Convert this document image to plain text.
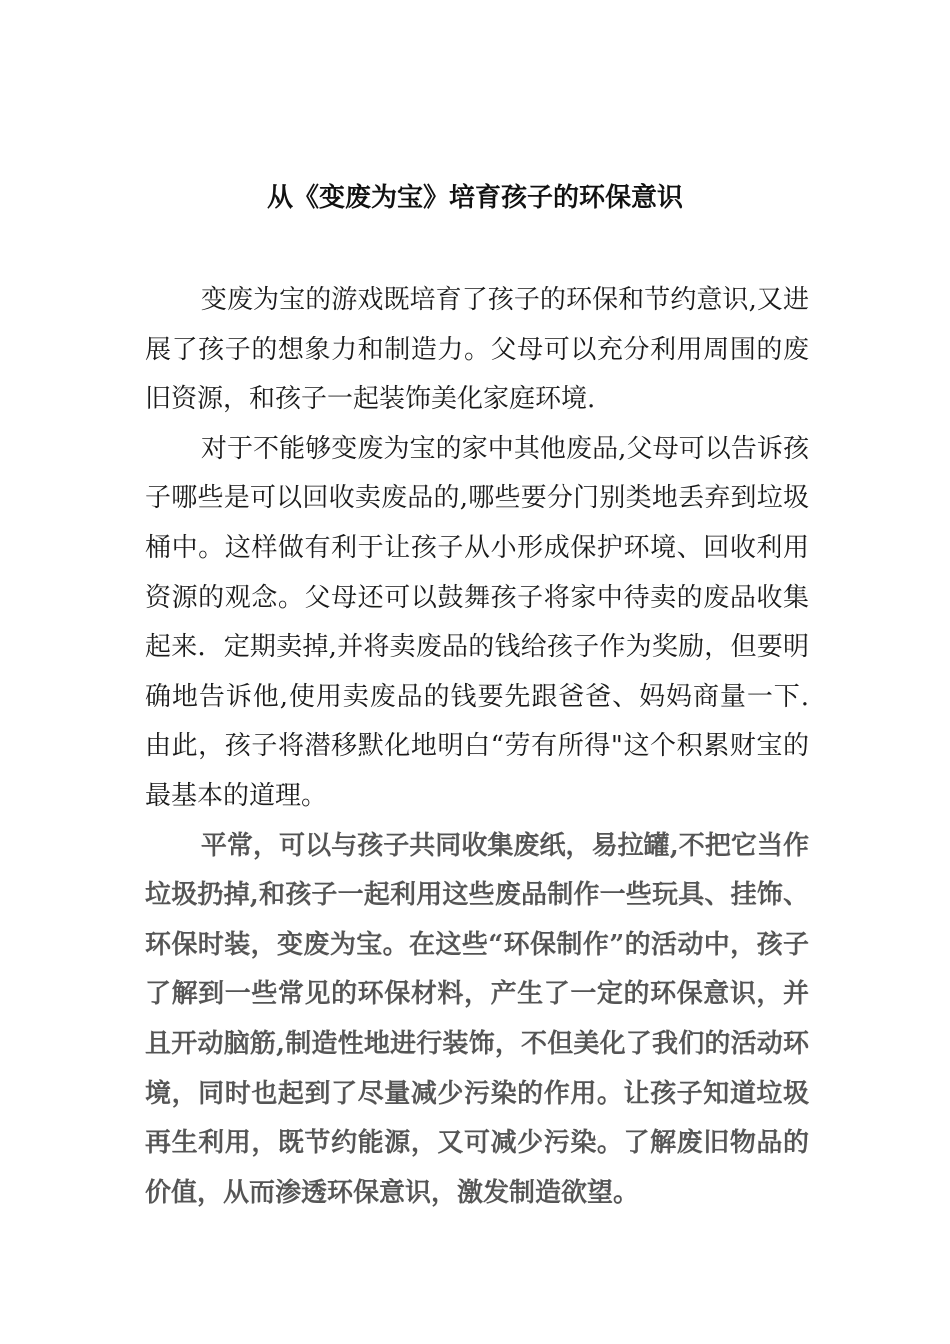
从《变废为宝》培育孩子的环保意识

变废为宝的游戏既培育了孩子的环保和节约意识,又进展了孩子的想象力和制造力。父母可以充分利用周围的废旧资源，和孩子一起装饰美化家庭环境.

对于不能够变废为宝的家中其他废品,父母可以告诉孩子哪些是可以回收卖废品的,哪些要分门别类地丢弃到垃圾桶中。这样做有利于让孩子从小形成保护环境、回收利用资源的观念。父母还可以鼓舞孩子将家中待卖的废品收集起来．定期卖掉,并将卖废品的钱给孩子作为奖励，但要明确地告诉他,使用卖废品的钱要先跟爸爸、妈妈商量一下.由此，孩子将潜移默化地明白“劳有所得"这个积累财宝的最基本的道理。

平常，可以与孩子共同收集废纸，易拉罐,不把它当作垃圾扔掉,和孩子一起利用这些废品制作一些玩具、挂饰、环保时装，变废为宝。在这些“环保制作”的活动中，孩子了解到一些常见的环保材料，产生了一定的环保意识，并且开动脑筋,制造性地进行装饰，不但美化了我们的活动环境，同时也起到了尽量减少污染的作用。让孩子知道垃圾再生利用，既节约能源，又可减少污染。了解废旧物品的价值，从而渗透环保意识，激发制造欲望。
